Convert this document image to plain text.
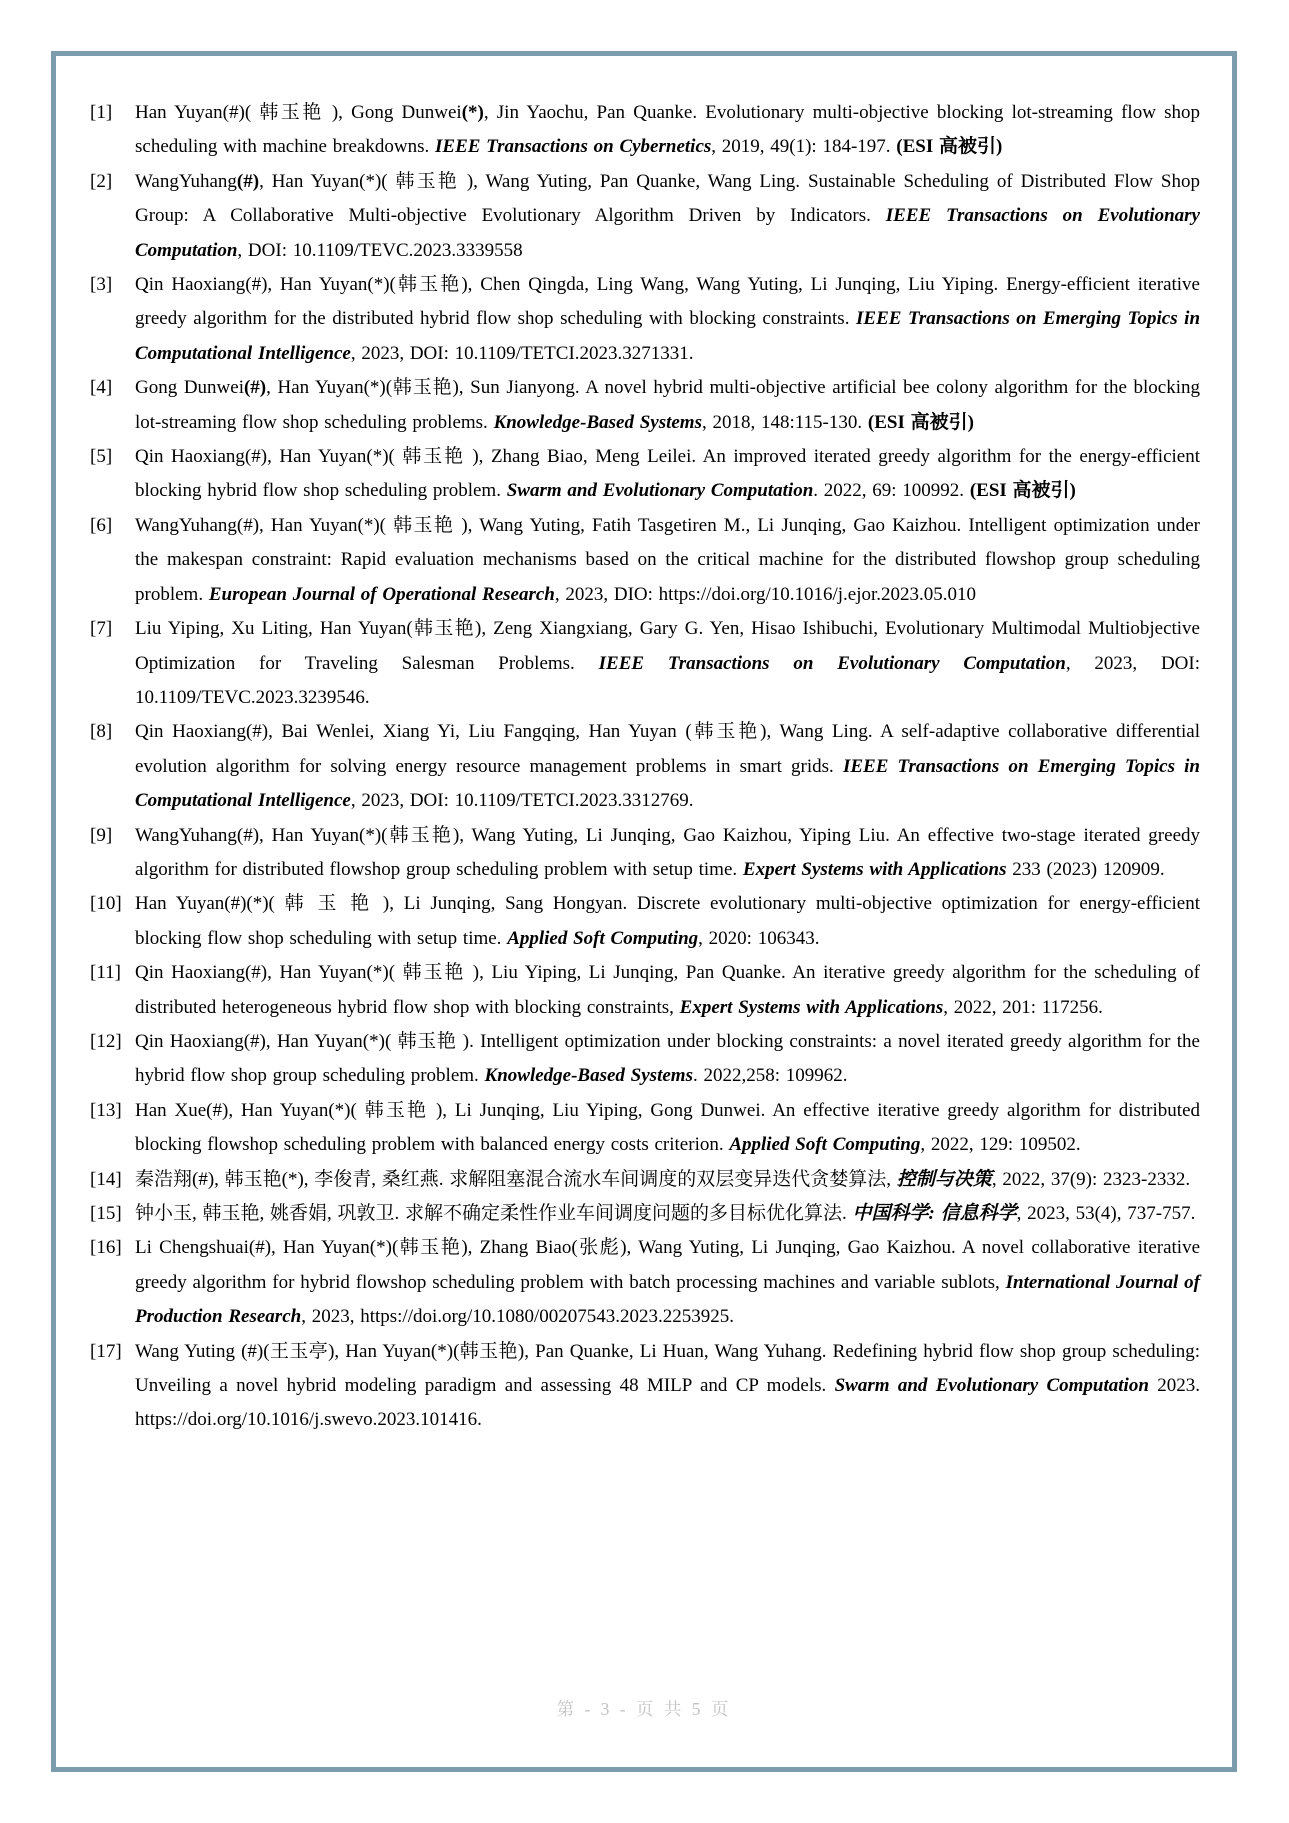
[1] Han Yuyan(#)( 韩玉艳 ), Gong Dunwei(*), Jin Yaochu, Pan Quanke. Evolutionary multi-objective blocking lot-streaming flow shop scheduling with machine breakdowns. IEEE Transactions on Cybernetics, 2019, 49(1): 184-197. (ESI 高被引)
[2] WangYuhang(#), Han Yuyan(*)( 韩玉艳 ), Wang Yuting, Pan Quanke, Wang Ling. Sustainable Scheduling of Distributed Flow Shop Group: A Collaborative Multi-objective Evolutionary Algorithm Driven by Indicators. IEEE Transactions on Evolutionary Computation, DOI: 10.1109/TEVC.2023.3339558
[3] Qin Haoxiang(#), Han Yuyan(*)(韩玉艳), Chen Qingda, Ling Wang, Wang Yuting, Li Junqing, Liu Yiping. Energy-efficient iterative greedy algorithm for the distributed hybrid flow shop scheduling with blocking constraints. IEEE Transactions on Emerging Topics in Computational Intelligence, 2023, DOI: 10.1109/TETCI.2023.3271331.
[4] Gong Dunwei(#), Han Yuyan(*)(韩玉艳), Sun Jianyong. A novel hybrid multi-objective artificial bee colony algorithm for the blocking lot-streaming flow shop scheduling problems. Knowledge-Based Systems, 2018, 148:115-130. (ESI 高被引)
[5] Qin Haoxiang(#), Han Yuyan(*)( 韩玉艳 ), Zhang Biao, Meng Leilei. An improved iterated greedy algorithm for the energy-efficient blocking hybrid flow shop scheduling problem. Swarm and Evolutionary Computation. 2022, 69: 100992. (ESI 高被引)
[6] WangYuhang(#), Han Yuyan(*)( 韩玉艳 ), Wang Yuting, Fatih Tasgetiren M., Li Junqing, Gao Kaizhou. Intelligent optimization under the makespan constraint: Rapid evaluation mechanisms based on the critical machine for the distributed flowshop group scheduling problem. European Journal of Operational Research, 2023, DIO: https://doi.org/10.1016/j.ejor.2023.05.010
[7] Liu Yiping, Xu Liting, Han Yuyan(韩玉艳), Zeng Xiangxiang, Gary G. Yen, Hisao Ishibuchi, Evolutionary Multimodal Multiobjective Optimization for Traveling Salesman Problems. IEEE Transactions on Evolutionary Computation, 2023, DOI: 10.1109/TEVC.2023.3239546.
[8] Qin Haoxiang(#), Bai Wenlei, Xiang Yi, Liu Fangqing, Han Yuyan (韩玉艳), Wang Ling. A self-adaptive collaborative differential evolution algorithm for solving energy resource management problems in smart grids. IEEE Transactions on Emerging Topics in Computational Intelligence, 2023, DOI: 10.1109/TETCI.2023.3312769.
[9] WangYuhang(#), Han Yuyan(*)(韩玉艳), Wang Yuting, Li Junqing, Gao Kaizhou, Yiping Liu. An effective two-stage iterated greedy algorithm for distributed flowshop group scheduling problem with setup time. Expert Systems with Applications 233 (2023) 120909.
[10] Han Yuyan(#)(*)( 韩 玉 艳 ), Li Junqing, Sang Hongyan. Discrete evolutionary multi-objective optimization for energy-efficient blocking flow shop scheduling with setup time. Applied Soft Computing, 2020: 106343.
[11] Qin Haoxiang(#), Han Yuyan(*)( 韩玉艳 ), Liu Yiping, Li Junqing, Pan Quanke. An iterative greedy algorithm for the scheduling of distributed heterogeneous hybrid flow shop with blocking constraints, Expert Systems with Applications, 2022, 201: 117256.
[12] Qin Haoxiang(#), Han Yuyan(*)( 韩玉艳 ). Intelligent optimization under blocking constraints: a novel iterated greedy algorithm for the hybrid flow shop group scheduling problem. Knowledge-Based Systems. 2022,258: 109962.
[13] Han Xue(#), Han Yuyan(*)( 韩玉艳 ), Li Junqing, Liu Yiping, Gong Dunwei. An effective iterative greedy algorithm for distributed blocking flowshop scheduling problem with balanced energy costs criterion. Applied Soft Computing, 2022, 129: 109502.
[14] 秦浩翔(#), 韩玉艳(*), 李俊青, 桑红燕. 求解阻塞混合流水车间调度的双层变异迭代贪婪算法, 控制与决策, 2022, 37(9): 2323-2332.
[15] 钟小玉, 韩玉艳, 姚香娟, 巩敦卫. 求解不确定柔性作业车间调度问题的多目标优化算法. 中国科学: 信息科学, 2023, 53(4), 737-757.
[16] Li Chengshuai(#), Han Yuyan(*)(韩玉艳), Zhang Biao(张彪), Wang Yuting, Li Junqing, Gao Kaizhou. A novel collaborative iterative greedy algorithm for hybrid flowshop scheduling problem with batch processing machines and variable sublots, International Journal of Production Research, 2023, https://doi.org/10.1080/00207543.2023.2253925.
[17] Wang Yuting (#)(王玉亭), Han Yuyan(*)(韩玉艳), Pan Quanke, Li Huan, Wang Yuhang. Redefining hybrid flow shop group scheduling: Unveiling a novel hybrid modeling paradigm and assessing 48 MILP and CP models. Swarm and Evolutionary Computation 2023. https://doi.org/10.1016/j.swevo.2023.101416.
第 - 3 - 页 共 5 页
